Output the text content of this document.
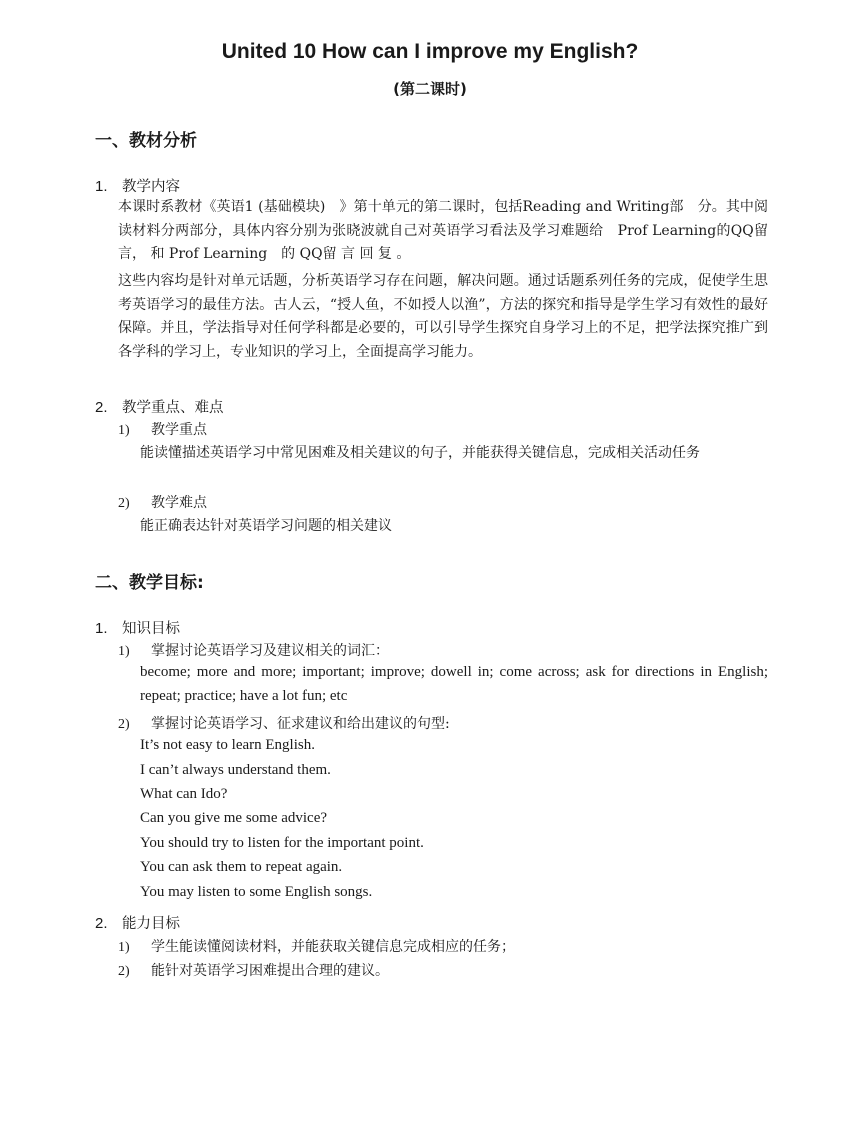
United 10 How can I improve my English?
(第二课时)
一、教材分析
1. 教学内容
本课时系教材《英语1 (基础模块)　》第十单元的第二课时，包括Reading and Writing部　分。其中阅读材料分两部分，具体内容分别为张晓波就自己对英语学习看法及学习难题给　Prof Learning的QQ留 言， 和 Prof Learning　的 QQ留 言 回 复 。
这些内容均是针对单元话题，分析英语学习存在问题，解决问题。通过话题系列任务的完成，促使学生思考英语学习的最佳方法。古人云，“授人鱼，不如授人以渔”，方法的探究和指导是学生学习有效性的最好保障。并且，学法指导对任何学科都是必要的，可以引导学生探究自身学习上的不足，把学法探究推广到各学科的学习上，专业知识的学习上，全面提高学习能力。
2. 教学重点、难点
1) 教学重点
能读懂描述英语学习中常见困难及相关建议的句子，并能获得关键信息，完成相关活动任务
2) 教学难点
能正确表达针对英语学习问题的相关建议
二、教学目标:
1. 知识目标
1) 掌握讨论英语学习及建议相关的词汇：
become; more and more; important; improve; dowell in; come across; ask for directions in English; repeat; practice; have a lot fun; etc
2) 掌握讨论英语学习、征求建议和给出建议的句型:
It’s not easy to learn English.
I can’t always understand them.
What can Ido?
Can you give me some advice?
You should try to listen for the important point.
You can ask them to repeat again.
You may listen to some English songs.
2. 能力目标
1) 学生能读懂阅读材料，并能获取关键信息完成相应的任务；
2) 能针对英语学习困难提出合理的建议。
